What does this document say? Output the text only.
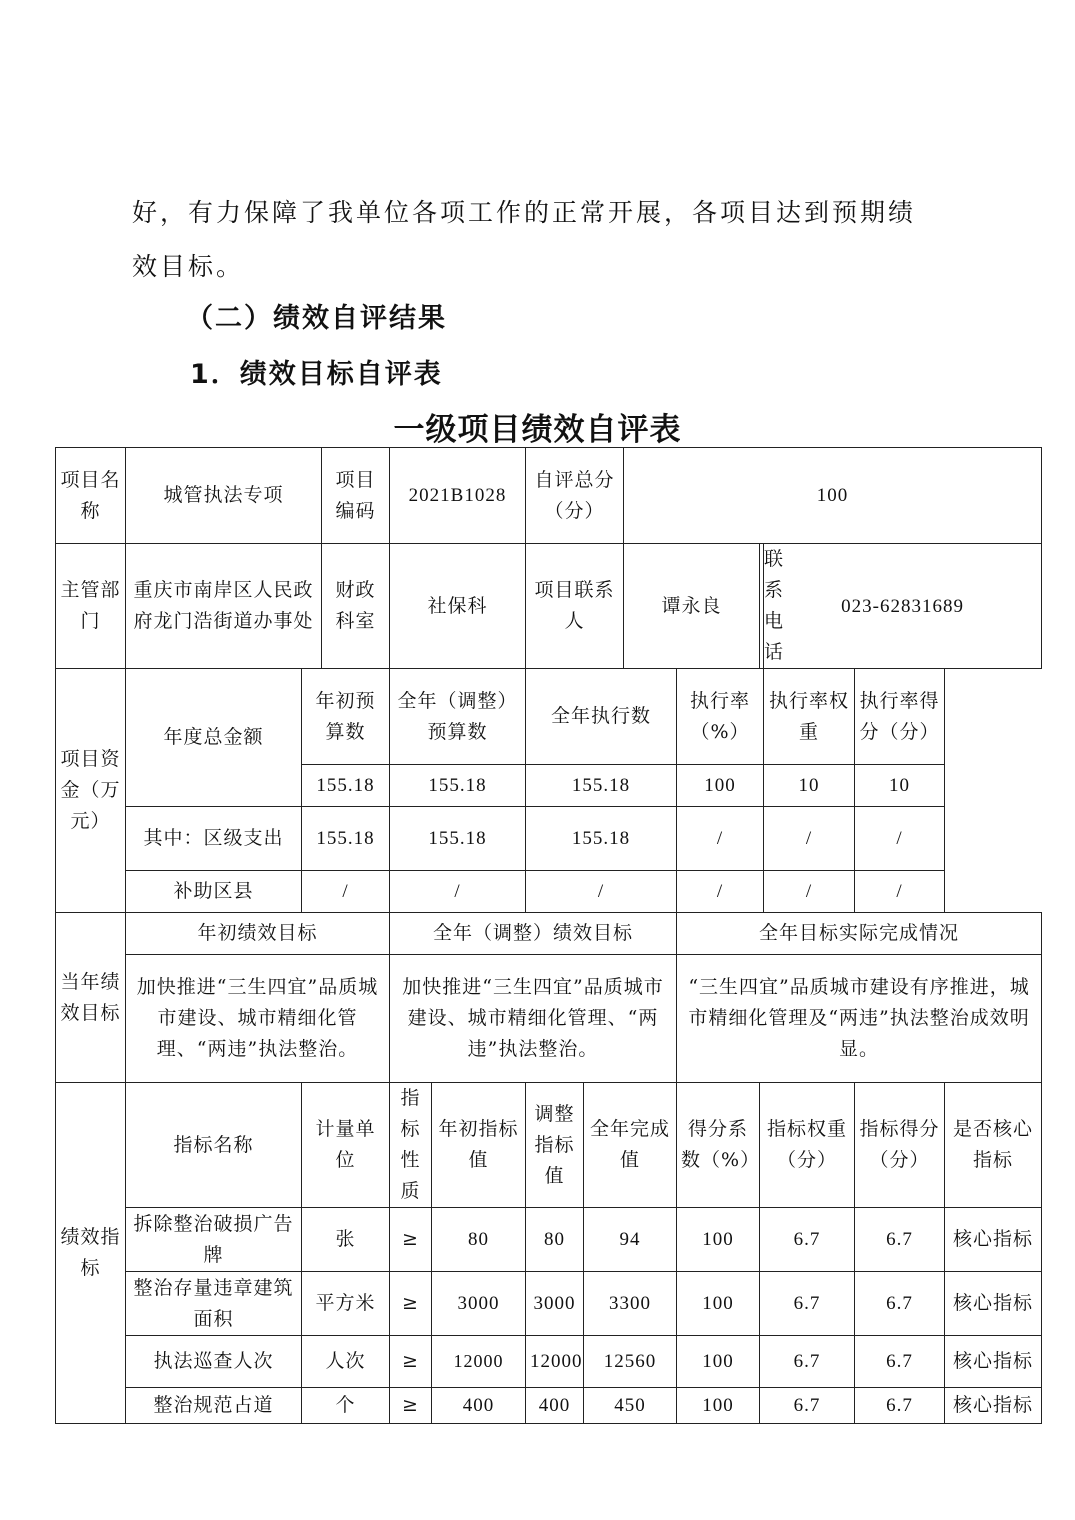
好，有力保障了我单位各项工作的正常开展，各项目达到预期绩
效目标。
（二）绩效自评结果
1．绩效目标自评表
一级项目绩效自评表
项目名称	城管执法专项		项目编码	2021B1028		自评总分（分）		100					
主管部门	重庆市南岸区人民政府龙门浩街道办事处		财政科室	社保科		项目联系人		谭永良		联系电话	023-62831689		
项目资金（万元）	年度总金额	年初预算数		全年（调整）预算数		全年执行数			执行率（%）		执行率权重	执行率得分（分）	
		155.18		155.18		155.18			100		10	10	
	其中：区级支出	155.18		155.18		155.18			/		/	/	
	补助区县	/		/		/			/		/	/	
当年绩效目标	年初绩效目标			全年（调整）绩效目标					全年目标实际完成情况				
	加快推进“三生四宜”品质城市建设、城市精细化管理、“两违”执法整治。			加快推进“三生四宜”品质城市建设、城市精细化管理、“两违”执法整治。					“三生四宜”品质城市建设有序推进，城市精细化管理及“两违”执法整治成效明显。				
绩效指标	指标名称	计量单位		指标性质	年初指标值	调整指标值	全年完成值		得分系数（%）	指标权重（分）		指标得分（分）	是否核心指标
	拆除整治破损广告牌	张		≥	80	80	94		100	6.7		6.7	核心指标
	整治存量违章建筑面积	平方米		≥	3000	3000	3300		100	6.7		6.7	核心指标
	执法巡查人次	人次		≥	12000	12000	12560		100	6.7		6.7	核心指标
	整治规范占道	个		≥	400	400	450		100	6.7		6.7	核心指标
